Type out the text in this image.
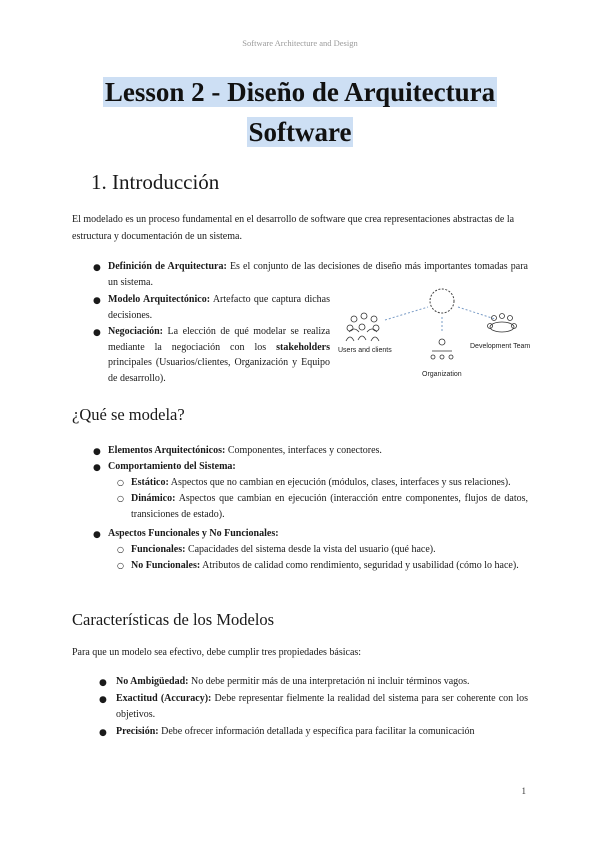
Software Architecture and Design
Lesson 2 - Diseño de Arquitectura
Software
1. Introducción
El modelado es un proceso fundamental en el desarrollo de software que crea representaciones abstractas de la estructura y documentación de un sistema.
● Definición de Arquitectura: Es el conjunto de las decisiones de diseño más importantes tomadas para un sistema.
● Modelo Arquitectónico: Artefacto que captura dichas decisiones.
● Negociación: La elección de qué modelar se realiza mediante la negociación con los stakeholders principales (Usuarios/clientes, Organización y Equipo de desarrollo).
Users and clients
Development Team
Organization
¿Qué se modela?
● Elementos Arquitectónicos: Componentes, interfaces y conectores.
● Comportamiento del Sistema:
○ Estático: Aspectos que no cambian en ejecución (módulos, clases, interfaces y sus relaciones).
○ Dinámico: Aspectos que cambian en ejecución (interacción entre componentes, flujos de datos, transiciones de estado).
● Aspectos Funcionales y No Funcionales:
○ Funcionales: Capacidades del sistema desde la vista del usuario (qué hace).
○ No Funcionales: Atributos de calidad como rendimiento, seguridad y usabilidad (cómo lo hace).
Características de los Modelos
Para que un modelo sea efectivo, debe cumplir tres propiedades básicas:
● No Ambigüedad: No debe permitir más de una interpretación ni incluir términos vagos.
● Exactitud (Accuracy): Debe representar fielmente la realidad del sistema para ser coherente con los objetivos.
● Precisión: Debe ofrecer información detallada y específica para facilitar la comunicación
1
